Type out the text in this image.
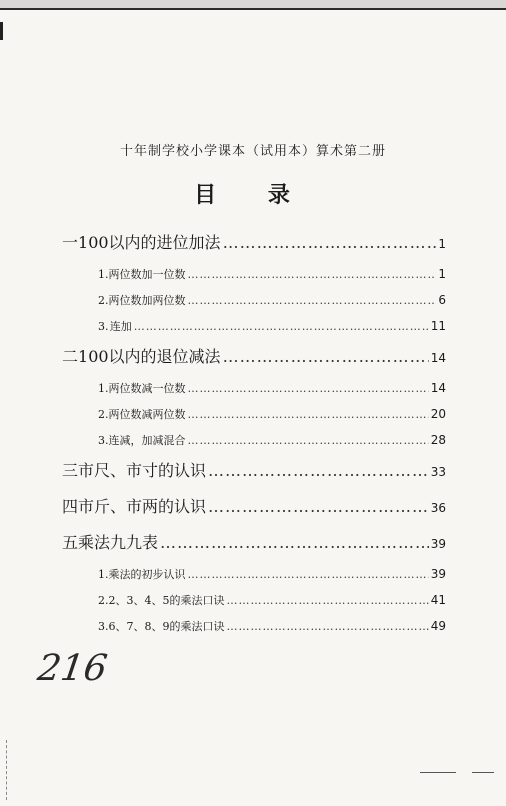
十年制学校小学课本（试用本）算术第二册
目 录
一 100以内的进位加法 …………………………………………………………………………………………………………………………	1
1. 两位数加一位数 …………………………………………………………………………………………………………………………	1
2. 两位数加两位数 …………………………………………………………………………………………………………………………	6
3. 连加 …………………………………………………………………………………………………………………………	11
二 100以内的退位减法 …………………………………………………………………………………………………………………………	14
1. 两位数减一位数 …………………………………………………………………………………………………………………………	14
2. 两位数减两位数 …………………………………………………………………………………………………………………………	20
3. 连减，加减混合 …………………………………………………………………………………………………………………………	28
三 市尺、市寸的认识 …………………………………………………………………………………………………………………………	33
四 市斤、市两的认识 …………………………………………………………………………………………………………………………	36
五 乘法九九表 …………………………………………………………………………………………………………………………	39
1. 乘法的初步认识 …………………………………………………………………………………………………………………………	39
2. 2、3、4、5的乘法口诀 …………………………………………………………………………………………………………………………	41
3. 6、7、8、9的乘法口诀 …………………………………………………………………………………………………………………………	49
216
